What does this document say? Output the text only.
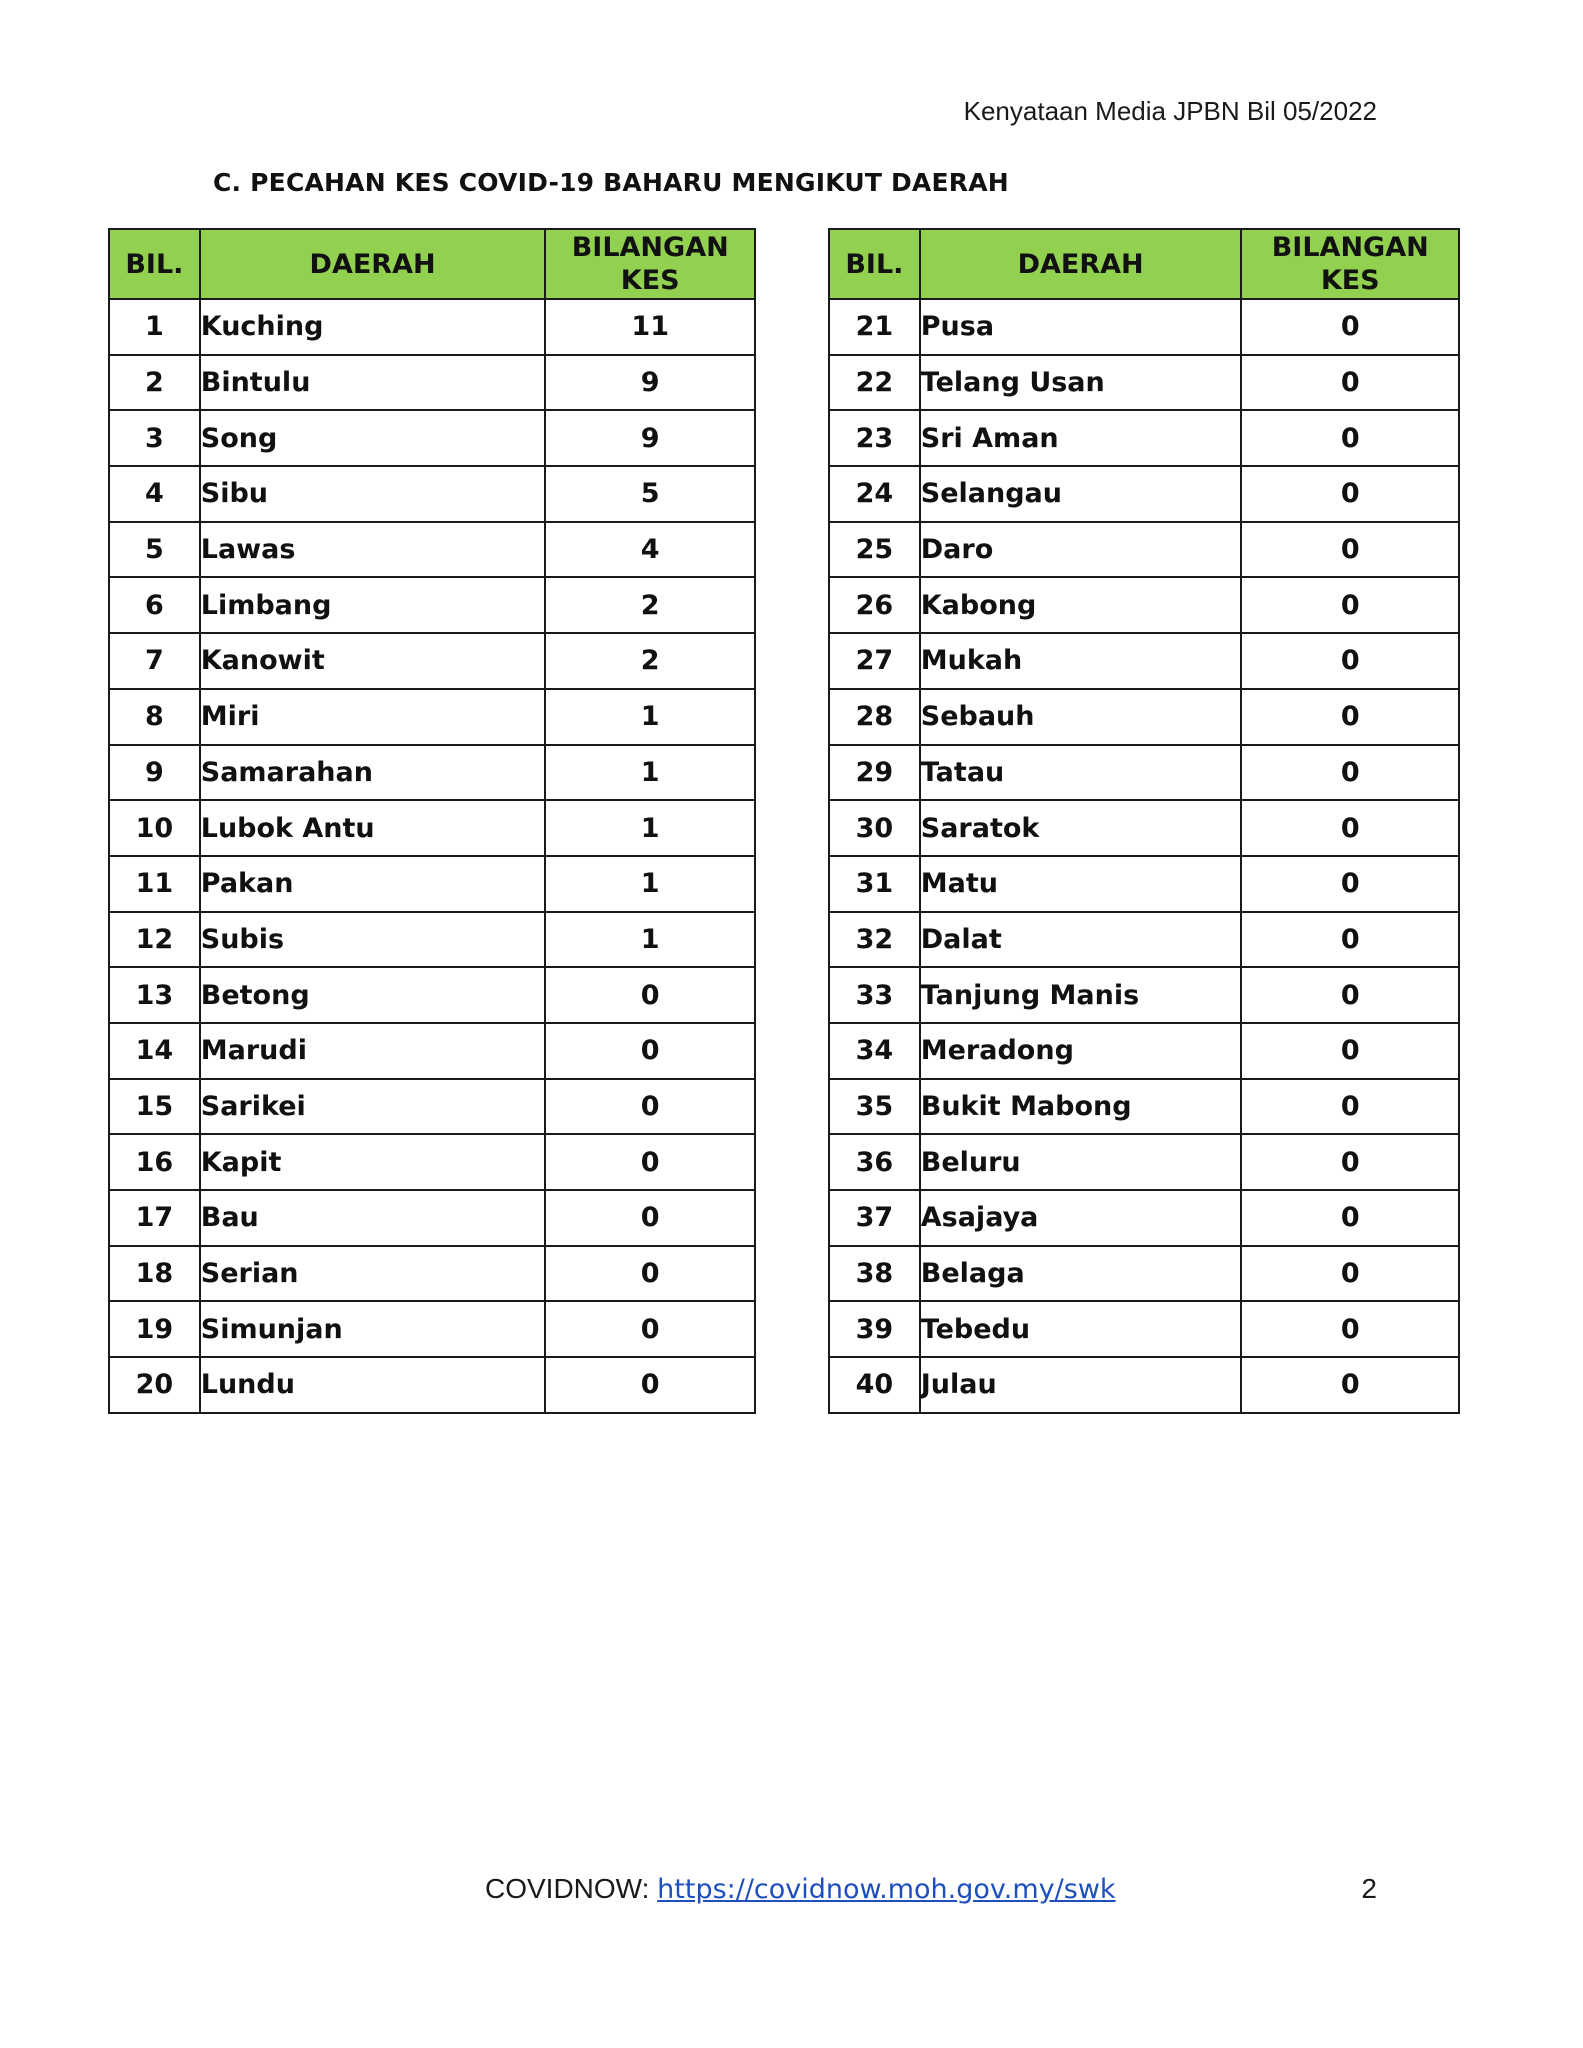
Kenyataan Media JPBN Bil 05/2022
C. PECAHAN KES COVID-19 BAHARU MENGIKUT DAERAH
BIL.	DAERAH	BILANGAN
KES
1	Kuching	11
2	Bintulu	9
3	Song	9
4	Sibu	5
5	Lawas	4
6	Limbang	2
7	Kanowit	2
8	Miri	1
9	Samarahan	1
10	Lubok Antu	1
11	Pakan	1
12	Subis	1
13	Betong	0
14	Marudi	0
15	Sarikei	0
16	Kapit	0
17	Bau	0
18	Serian	0
19	Simunjan	0
20	Lundu	0
BIL.	DAERAH	BILANGAN
KES
21	Pusa	0
22	Telang Usan	0
23	Sri Aman	0
24	Selangau	0
25	Daro	0
26	Kabong	0
27	Mukah	0
28	Sebauh	0
29	Tatau	0
30	Saratok	0
31	Matu	0
32	Dalat	0
33	Tanjung Manis	0
34	Meradong	0
35	Bukit Mabong	0
36	Beluru	0
37	Asajaya	0
38	Belaga	0
39	Tebedu	0
40	Julau	0
COVIDNOW: https://covidnow.moh.gov.my/swk	2
